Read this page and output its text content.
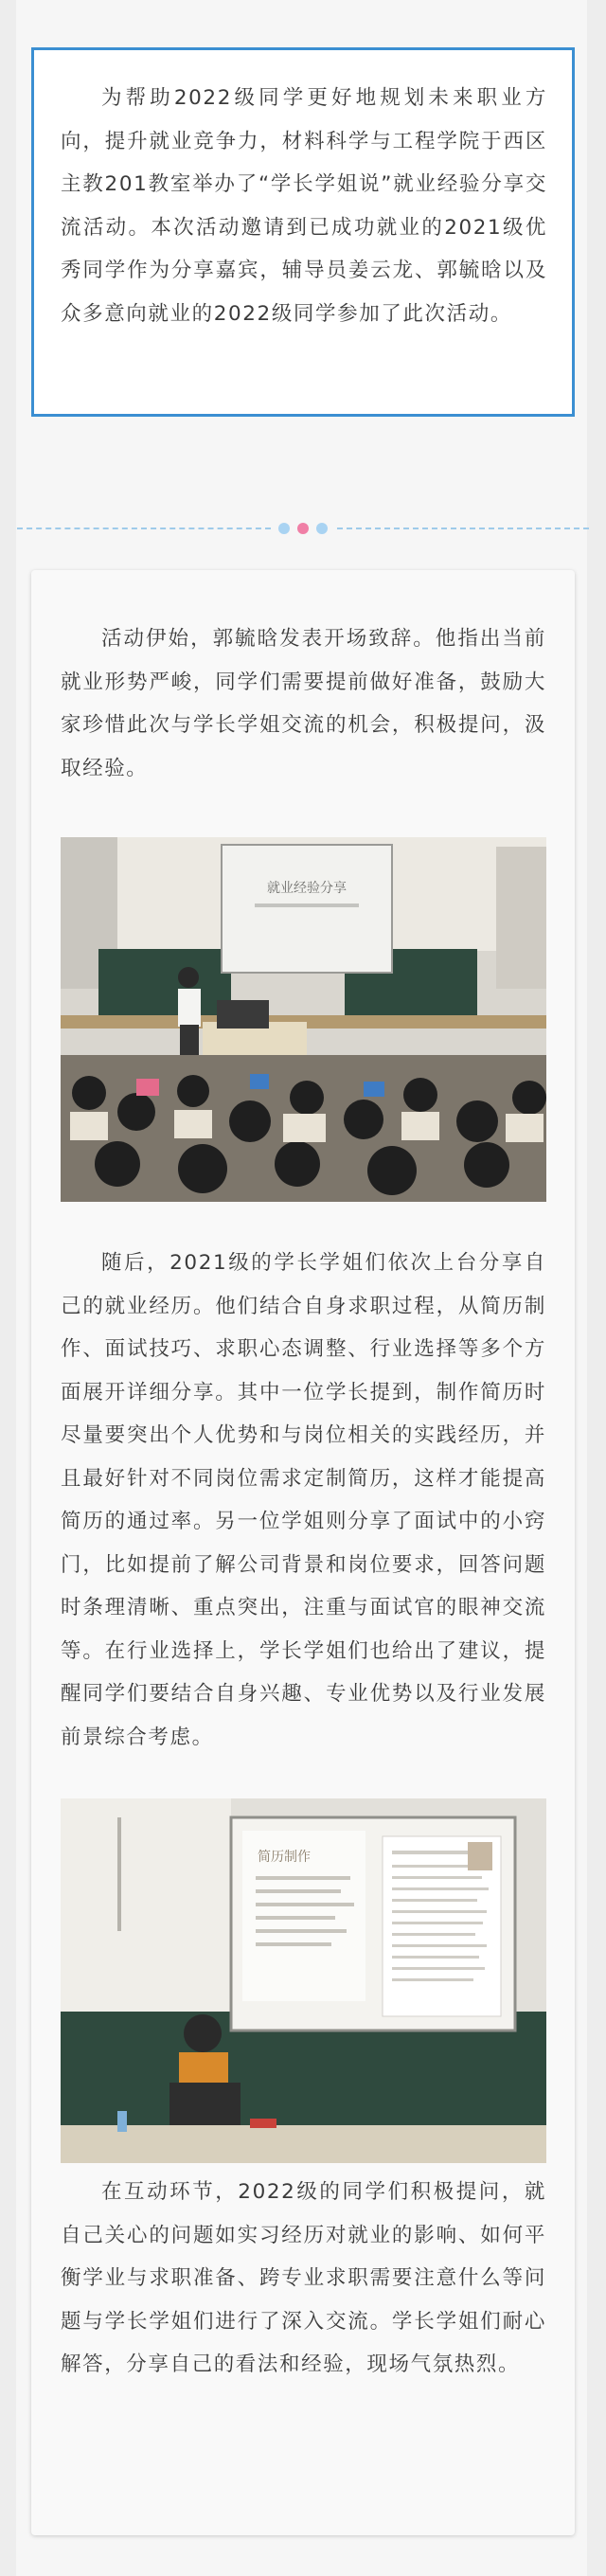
为帮助2022级同学更好地规划未来职业方向，提升就业竞争力，材料科学与工程学院于西区主教201教室举办了“学长学姐说”就业经验分享交流活动。本次活动邀请到已成功就业的2021级优秀同学作为分享嘉宾，辅导员姜云龙、郭毓晗以及众多意向就业的2022级同学参加了此次活动。

活动伊始，郭毓晗发表开场致辞。他指出当前就业形势严峻，同学们需要提前做好准备，鼓励大家珍惜此次与学长学姐交流的机会，积极提问，汲取经验。

就业经验分享

随后，2021级的学长学姐们依次上台分享自己的就业经历。他们结合自身求职过程，从简历制作、面试技巧、求职心态调整、行业选择等多个方面展开详细分享。其中一位学长提到，制作简历时尽量要突出个人优势和与岗位相关的实践经历，并且最好针对不同岗位需求定制简历，这样才能提高简历的通过率。另一位学姐则分享了面试中的小窍门，比如提前了解公司背景和岗位要求，回答问题时条理清晰、重点突出，注重与面试官的眼神交流等。在行业选择上，学长学姐们也给出了建议，提醒同学们要结合自身兴趣、专业优势以及行业发展前景综合考虑。

简历制作

在互动环节，2022级的同学们积极提问，就自己关心的问题如实习经历对就业的影响、如何平衡学业与求职准备、跨专业求职需要注意什么等问题与学长学姐们进行了深入交流。学长学姐们耐心解答，分享自己的看法和经验，现场气氛热烈。
